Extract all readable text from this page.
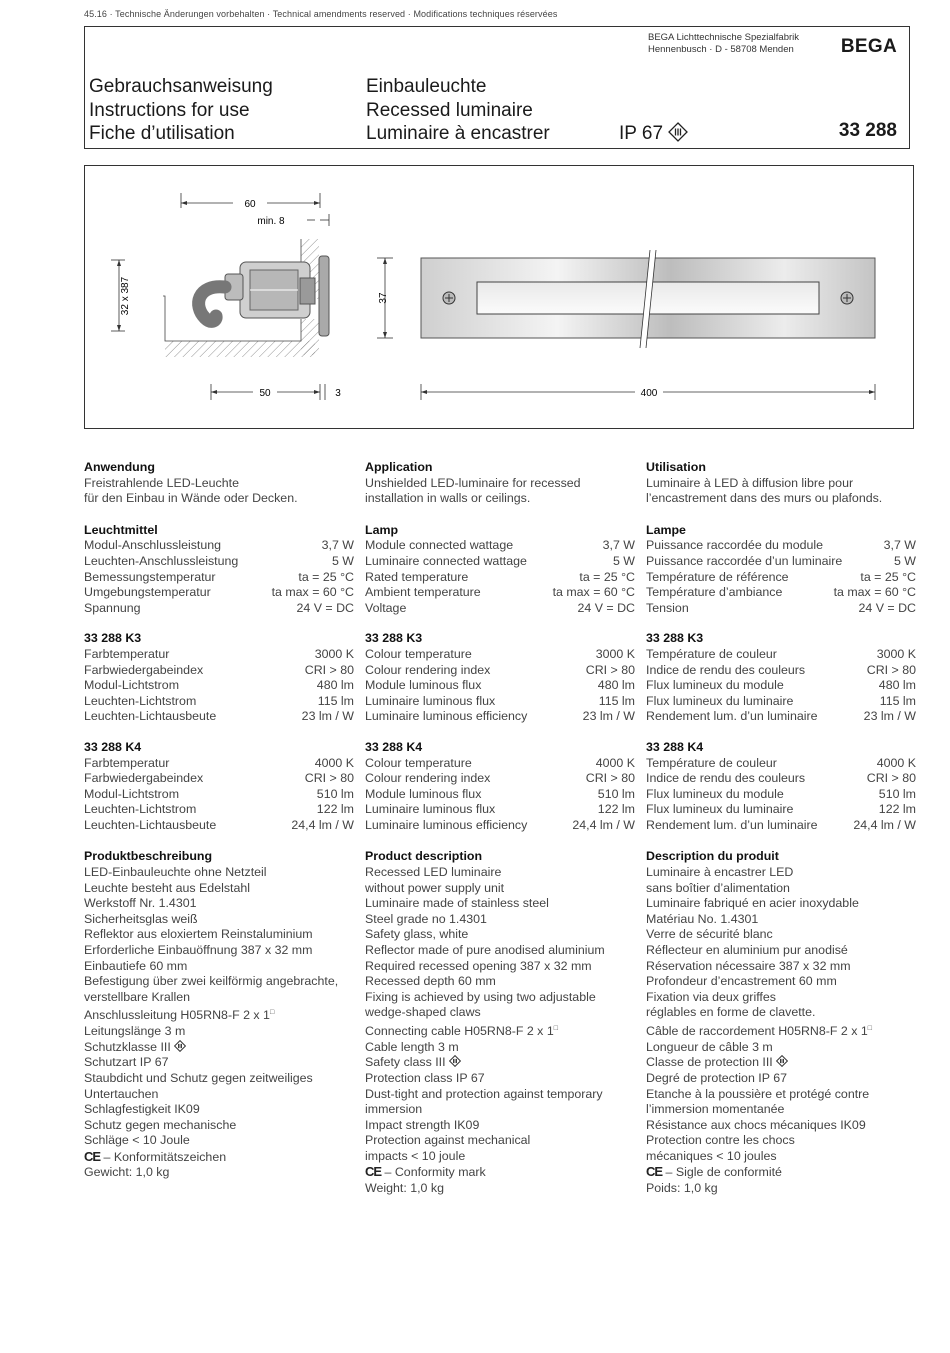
45.16 · Technische Änderungen vorbehalten · Technical amendments reserved · Modifications techniques réservées
BEGA Lichttechnische Spezialfabrik
Hennenbusch · D - 58708 Menden BEGA
Gebrauchsanweisung
Instructions for use
Fiche d’utilisation
Einbauleuchte
Recessed luminaire
Luminaire à encastrer	IP 67	33 288
60
min. 8
32 x 387
50	3
37
400
Anwendung
Freistrahlende LED-Leuchte
für den Einbau in Wände oder Decken.
Leuchtmittel
Modul-Anschlussleistung	3,7 W
Leuchten-Anschlussleistung	5 W
Bemessungstemperatur	ta = 25 °C
Umgebungstemperatur	ta max = 60 °C
Spannung	24 V = DC
33 288 K3
Farbtemperatur	3000 K
Farbwiedergabeindex	CRI > 80
Modul-Lichtstrom	480 lm
Leuchten-Lichtstrom	115 lm
Leuchten-Lichtausbeute	23 lm / W
33 288 K4
Farbtemperatur	4000 K
Farbwiedergabeindex	CRI > 80
Modul-Lichtstrom	510 lm
Leuchten-Lichtstrom	122 lm
Leuchten-Lichtausbeute	24,4 lm / W
Produktbeschreibung
LED-Einbauleuchte ohne Netzteil
Leuchte besteht aus Edelstahl
Werkstoff Nr. 1.4301
Sicherheitsglas weiß
Reflektor aus eloxiertem Reinstaluminium
Erforderliche Einbauöffnung 387 x 32 mm
Einbautiefe 60 mm
Befestigung über zwei keilförmig angebrachte,
verstellbare Krallen
Anschlussleitung H05RN8-F 2 x 1□
Leitungslänge 3 m
Schutzklasse III
Schutzart IP 67
Staubdicht und Schutz gegen zeitweiliges
Untertauchen
Schlagfestigkeit IK09
Schutz gegen mechanische
Schläge < 10 Joule
CE – Konformitätszeichen
Gewicht: 1,0 kg
Application
Unshielded LED-luminaire for recessed
installation in walls or ceilings.
Lamp
Module connected wattage	3,7 W
Luminaire connected wattage	5 W
Rated temperature	ta = 25 °C
Ambient temperature	ta max = 60 °C
Voltage	24 V = DC
33 288 K3
Colour temperature	3000 K
Colour rendering index	CRI > 80
Module luminous flux	480 lm
Luminaire luminous flux	115 lm
Luminaire luminous efficiency	23 lm / W
33 288 K4
Colour temperature	4000 K
Colour rendering index	CRI > 80
Module luminous flux	510 lm
Luminaire luminous flux	122 lm
Luminaire luminous efficiency	24,4 lm / W
Product description
Recessed LED luminaire
without power supply unit
Luminaire made of stainless steel
Steel grade no 1.4301
Safety glass, white
Reflector made of pure anodised aluminium
Required recessed opening 387 x 32 mm
Recessed depth 60 mm
Fixing is achieved by using two adjustable
wedge-shaped claws
Connecting cable H05RN8-F 2 x 1□
Cable length 3 m
Safety class III
Protection class IP 67
Dust-tight and protection against temporary
immersion
Impact strength IK09
Protection against mechanical
impacts < 10 joule
CE – Conformity mark
Weight: 1,0 kg
Utilisation
Luminaire à LED à diffusion libre pour
l’encastrement dans des murs ou plafonds.
Lampe
Puissance raccordée du module	3,7 W
Puissance raccordée d’un luminaire	5 W
Température de référence	ta = 25 °C
Température d’ambiance	ta max = 60 °C
Tension	24 V = DC
33 288 K3
Température de couleur	3000 K
Indice de rendu des couleurs	CRI > 80
Flux lumineux du module	480 lm
Flux lumineux du luminaire	115 lm
Rendement lum. d’un luminaire	23 lm / W
33 288 K4
Température de couleur	4000 K
Indice de rendu des couleurs	CRI > 80
Flux lumineux du module	510 lm
Flux lumineux du luminaire	122 lm
Rendement lum. d’un luminaire	24,4 lm / W
Description du produit
Luminaire à encastrer LED
sans boîtier d’alimentation
Luminaire fabriqué en acier inoxydable
Matériau No. 1.4301
Verre de sécurité blanc
Réflecteur en aluminium pur anodisé
Réservation nécessaire 387 x 32 mm
Profondeur d’encastrement 60 mm
Fixation via deux griffes
réglables en forme de clavette.
Câble de raccordement H05RN8-F 2 x 1□
Longueur de câble 3 m
Classe de protection III
Degré de protection IP 67
Etanche à la poussière et protégé contre
l’immersion momentanée
Résistance aux chocs mécaniques IK09
Protection contre les chocs
mécaniques < 10 joules
CE – Sigle de conformité
Poids: 1,0 kg
